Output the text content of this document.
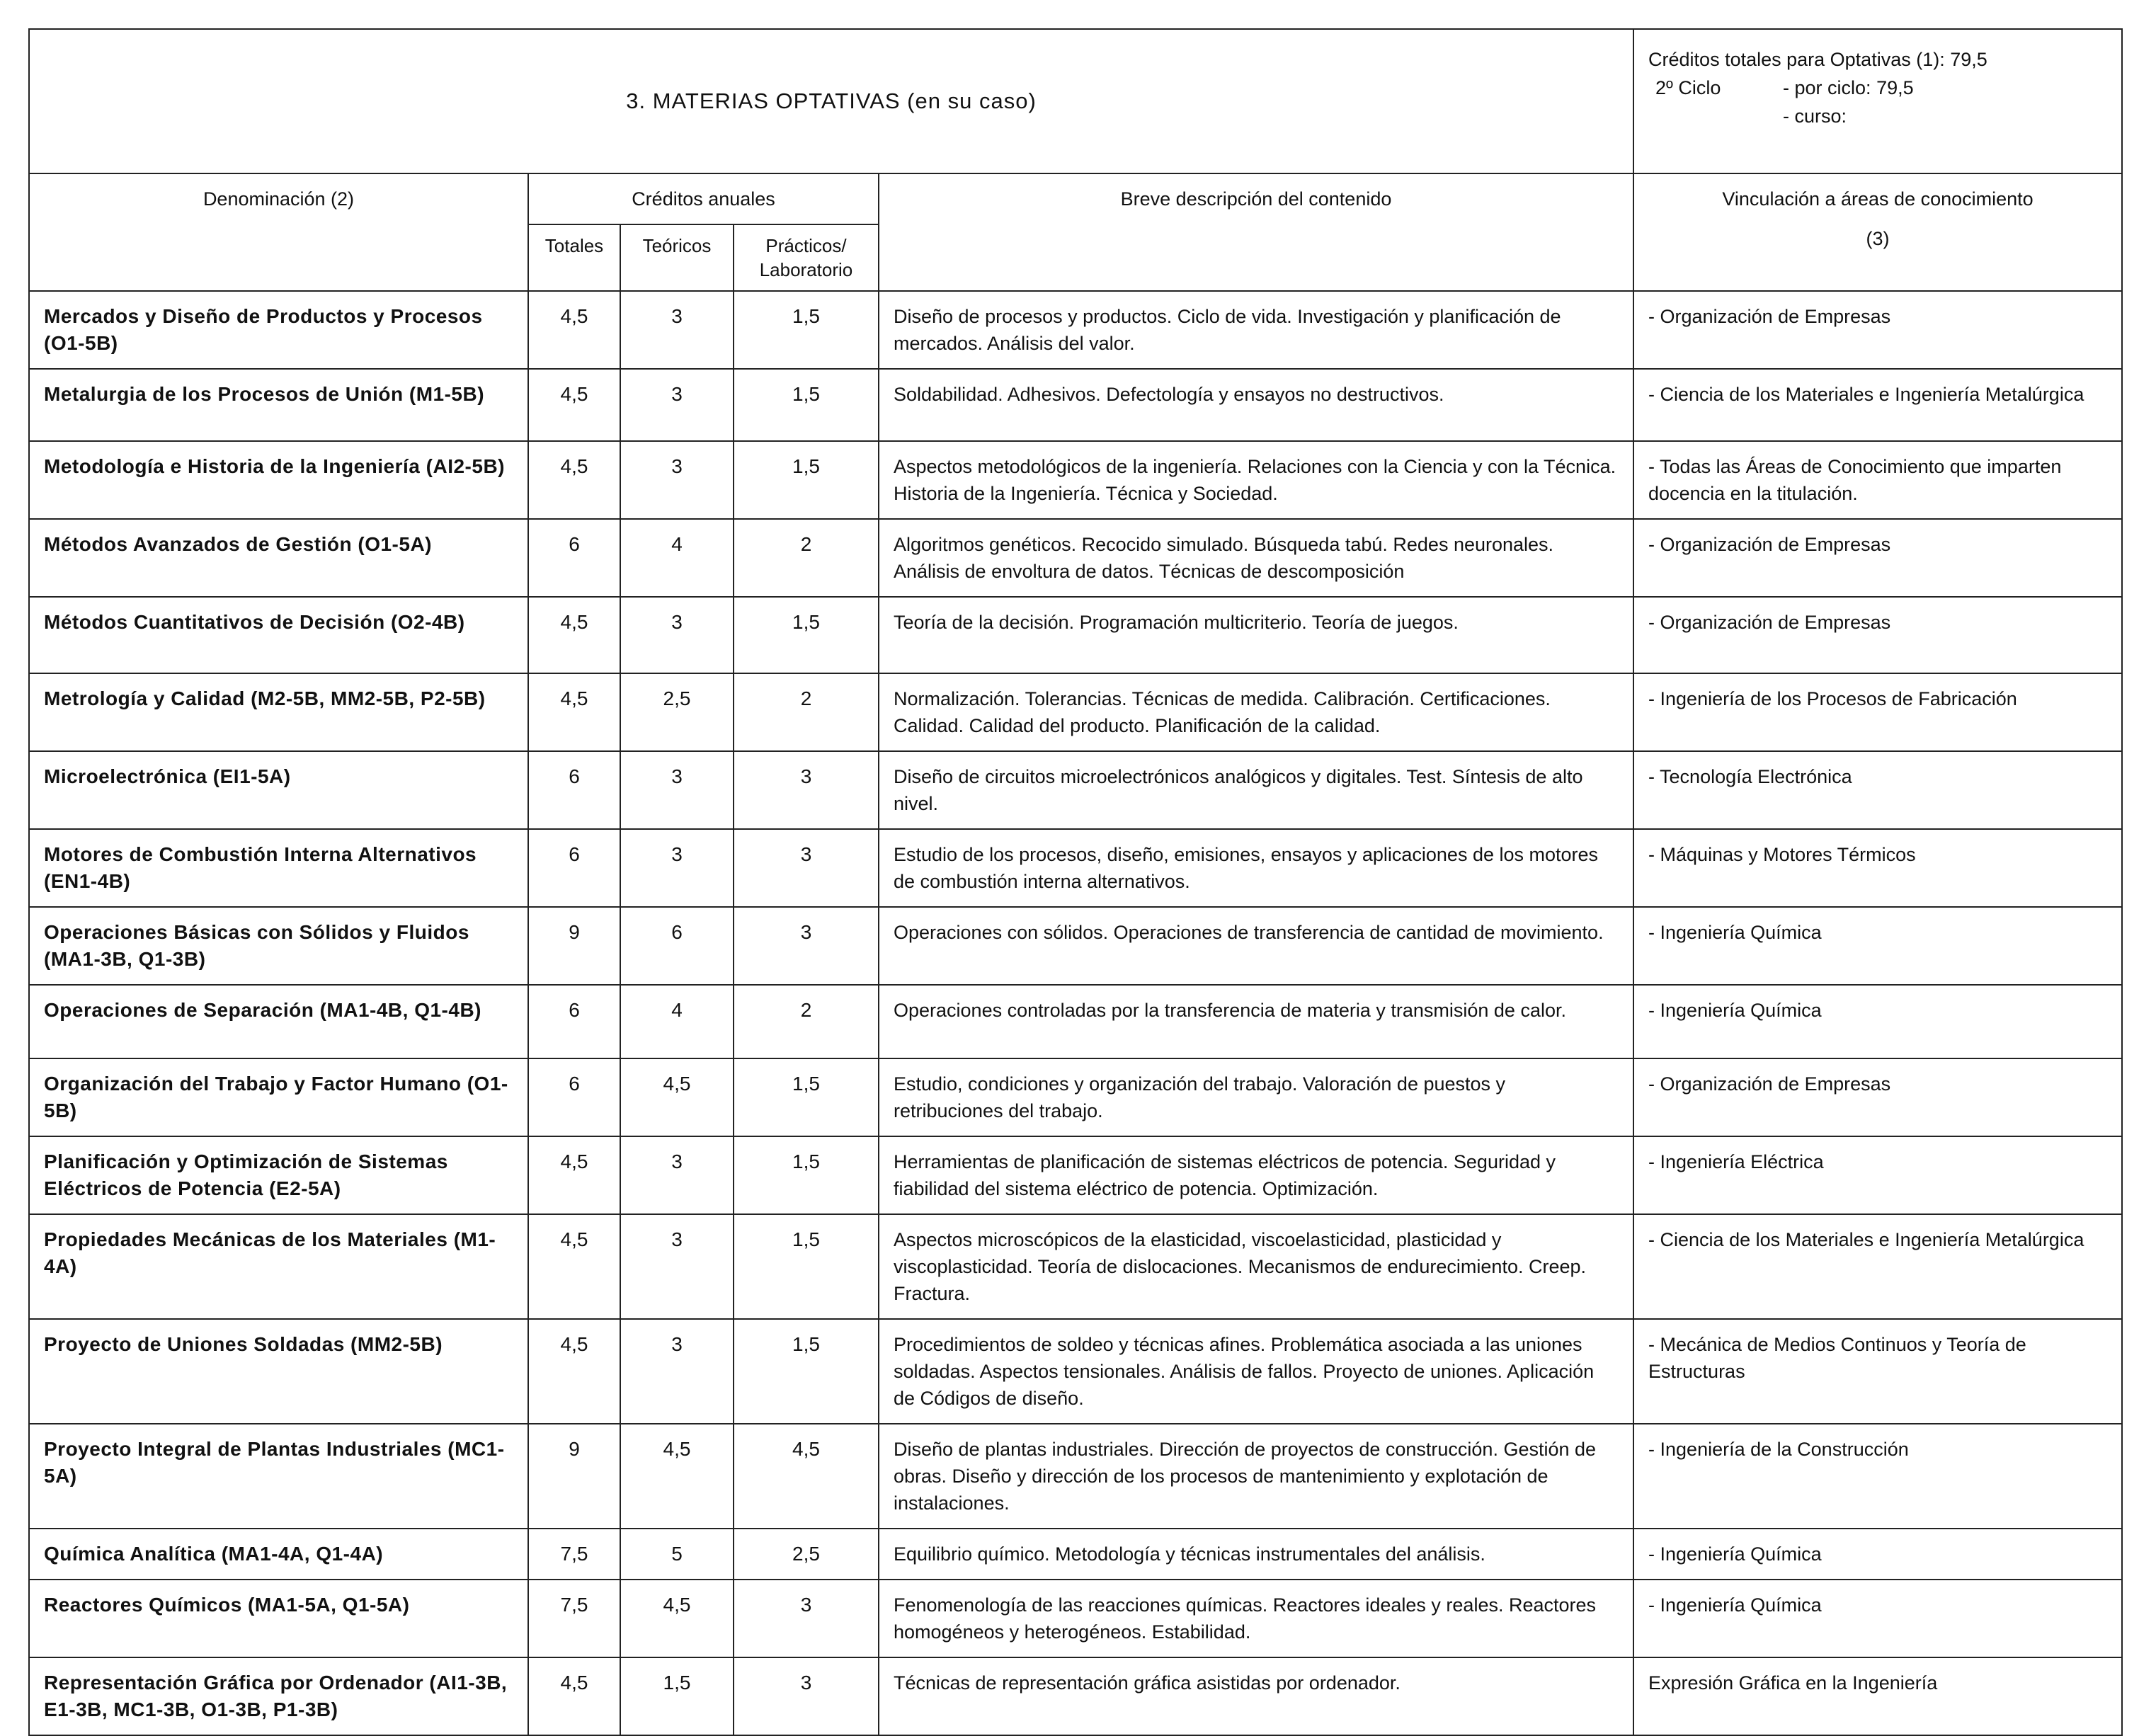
3. MATERIAS OPTATIVAS (en su caso)					Créditos totales para Optativas (1): 79,5
2º Ciclo - por ciclo: 79,5
- curso:

Denominación (2)	Créditos anuales			Breve descripción del contenido	Vinculación a áreas de conocimiento
(3)

	Totales	Teóricos	Prácticos/ Laboratorio		
Mercados y Diseño de Productos y Procesos (O1-5B)	4,5	3	1,5	Diseño de procesos y productos. Ciclo de vida. Investigación y planificación de mercados. Análisis del valor.	- Organización de Empresas
Metalurgia de los Procesos de Unión (M1-5B)	4,5	3	1,5	Soldabilidad. Adhesivos. Defectología y ensayos no destructivos.	- Ciencia de los Materiales e Ingeniería Metalúrgica
Metodología e Historia de la Ingeniería (AI2-5B)	4,5	3	1,5	Aspectos metodológicos de la ingeniería. Relaciones con la Ciencia y con la Técnica. Historia de la Ingeniería. Técnica y Sociedad.	- Todas las Áreas de Conocimiento que imparten docencia en la titulación.
Métodos Avanzados de Gestión (O1-5A)	6	4	2	Algoritmos genéticos. Recocido simulado. Búsqueda tabú. Redes neuronales. Análisis de envoltura de datos. Técnicas de descomposición	- Organización de Empresas
Métodos Cuantitativos de Decisión (O2-4B)	4,5	3	1,5	Teoría de la decisión. Programación multicriterio. Teoría de juegos.	- Organización de Empresas
Metrología y Calidad (M2-5B, MM2-5B, P2-5B)	4,5	2,5	2	Normalización. Tolerancias. Técnicas de medida. Calibración. Certificaciones. Calidad. Calidad del producto. Planificación de la calidad.	- Ingeniería de los Procesos de Fabricación
Microelectrónica (EI1-5A)	6	3	3	Diseño de circuitos microelectrónicos analógicos y digitales. Test. Síntesis de alto nivel.	- Tecnología Electrónica
Motores de Combustión Interna Alternativos (EN1-4B)	6	3	3	Estudio de los procesos, diseño, emisiones, ensayos y aplicaciones de los motores de combustión interna alternativos.	- Máquinas y Motores Térmicos
Operaciones Básicas con Sólidos y Fluidos (MA1-3B, Q1-3B)	9	6	3	Operaciones con sólidos. Operaciones de transferencia de cantidad de movimiento.	- Ingeniería Química
Operaciones de Separación (MA1-4B, Q1-4B)	6	4	2	Operaciones controladas por la transferencia de materia y transmisión de calor.	- Ingeniería Química
Organización del Trabajo y Factor Humano (O1-5B)	6	4,5	1,5	Estudio, condiciones y organización del trabajo. Valoración de puestos y retribuciones del trabajo.	- Organización de Empresas
Planificación y Optimización de Sistemas Eléctricos de Potencia (E2-5A)	4,5	3	1,5	Herramientas de planificación de sistemas eléctricos de potencia. Seguridad y fiabilidad del sistema eléctrico de potencia. Optimización.	- Ingeniería Eléctrica
Propiedades Mecánicas de los Materiales (M1-4A)	4,5	3	1,5	Aspectos microscópicos de la elasticidad, viscoelasticidad, plasticidad y viscoplasticidad. Teoría de dislocaciones. Mecanismos de endurecimiento. Creep. Fractura.	- Ciencia de los Materiales e Ingeniería Metalúrgica
Proyecto de Uniones Soldadas (MM2-5B)	4,5	3	1,5	Procedimientos de soldeo y técnicas afines. Problemática asociada a las uniones soldadas. Aspectos tensionales. Análisis de fallos. Proyecto de uniones. Aplicación de Códigos de diseño.	- Mecánica de Medios Continuos y Teoría de Estructuras
Proyecto Integral de Plantas Industriales (MC1-5A)	9	4,5	4,5	Diseño de plantas industriales. Dirección de proyectos de construcción. Gestión de obras. Diseño y dirección de los procesos de mantenimiento y explotación de instalaciones.	- Ingeniería de la Construcción
Química Analítica (MA1-4A, Q1-4A)	7,5	5	2,5	Equilibrio químico. Metodología y técnicas instrumentales del análisis.	- Ingeniería Química
Reactores Químicos (MA1-5A, Q1-5A)	7,5	4,5	3	Fenomenología de las reacciones químicas. Reactores ideales y reales. Reactores homogéneos y heterogéneos. Estabilidad.	- Ingeniería Química
Representación Gráfica por Ordenador (AI1-3B, E1-3B, MC1-3B, O1-3B, P1-3B)	4,5	1,5	3	Técnicas de representación gráfica asistidas por ordenador.	Expresión Gráfica en la Ingeniería
